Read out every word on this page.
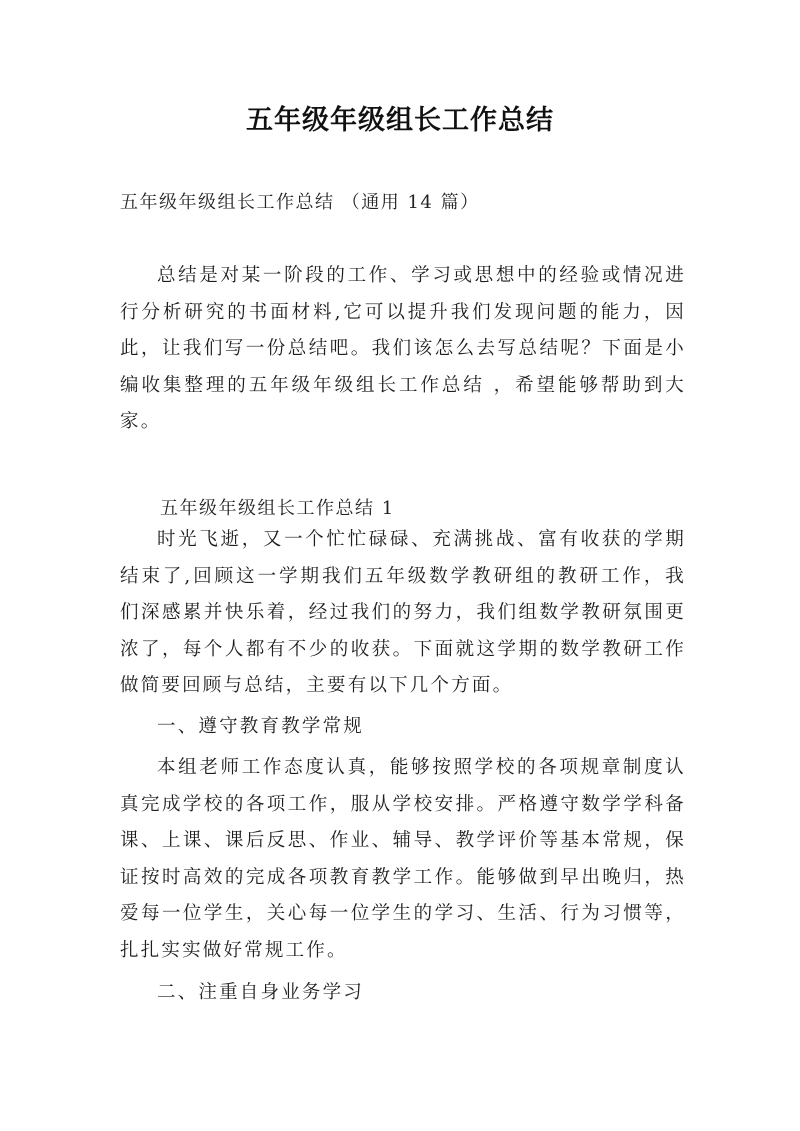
五年级年级组长工作总结

五年级年级组长工作总结 （通用 14 篇）

总结是对某一阶段的工作、学习或思想中的经验或情况进行分析研究的书面材料,它可以提升我们发现问题的能力，因此，让我们写一份总结吧。我们该怎么去写总结呢？下面是小编收集整理的五年级年级组长工作总结 ，希望能够帮助到大家。

五年级年级组长工作总结 1

时光飞逝，又一个忙忙碌碌、充满挑战、富有收获的学期结束了,回顾这一学期我们五年级数学教研组的教研工作，我们深感累并快乐着，经过我们的努力，我们组数学教研氛围更浓了，每个人都有不少的收获。下面就这学期的数学教研工作做简要回顾与总结，主要有以下几个方面。

一、遵守教育教学常规

本组老师工作态度认真，能够按照学校的各项规章制度认真完成学校的各项工作，服从学校安排。严格遵守数学学科备课、上课、课后反思、作业、辅导、教学评价等基本常规，保证按时高效的完成各项教育教学工作。能够做到早出晚归，热爱每一位学生，关心每一位学生的学习、生活、行为习惯等，扎扎实实做好常规工作。

二、注重自身业务学习
